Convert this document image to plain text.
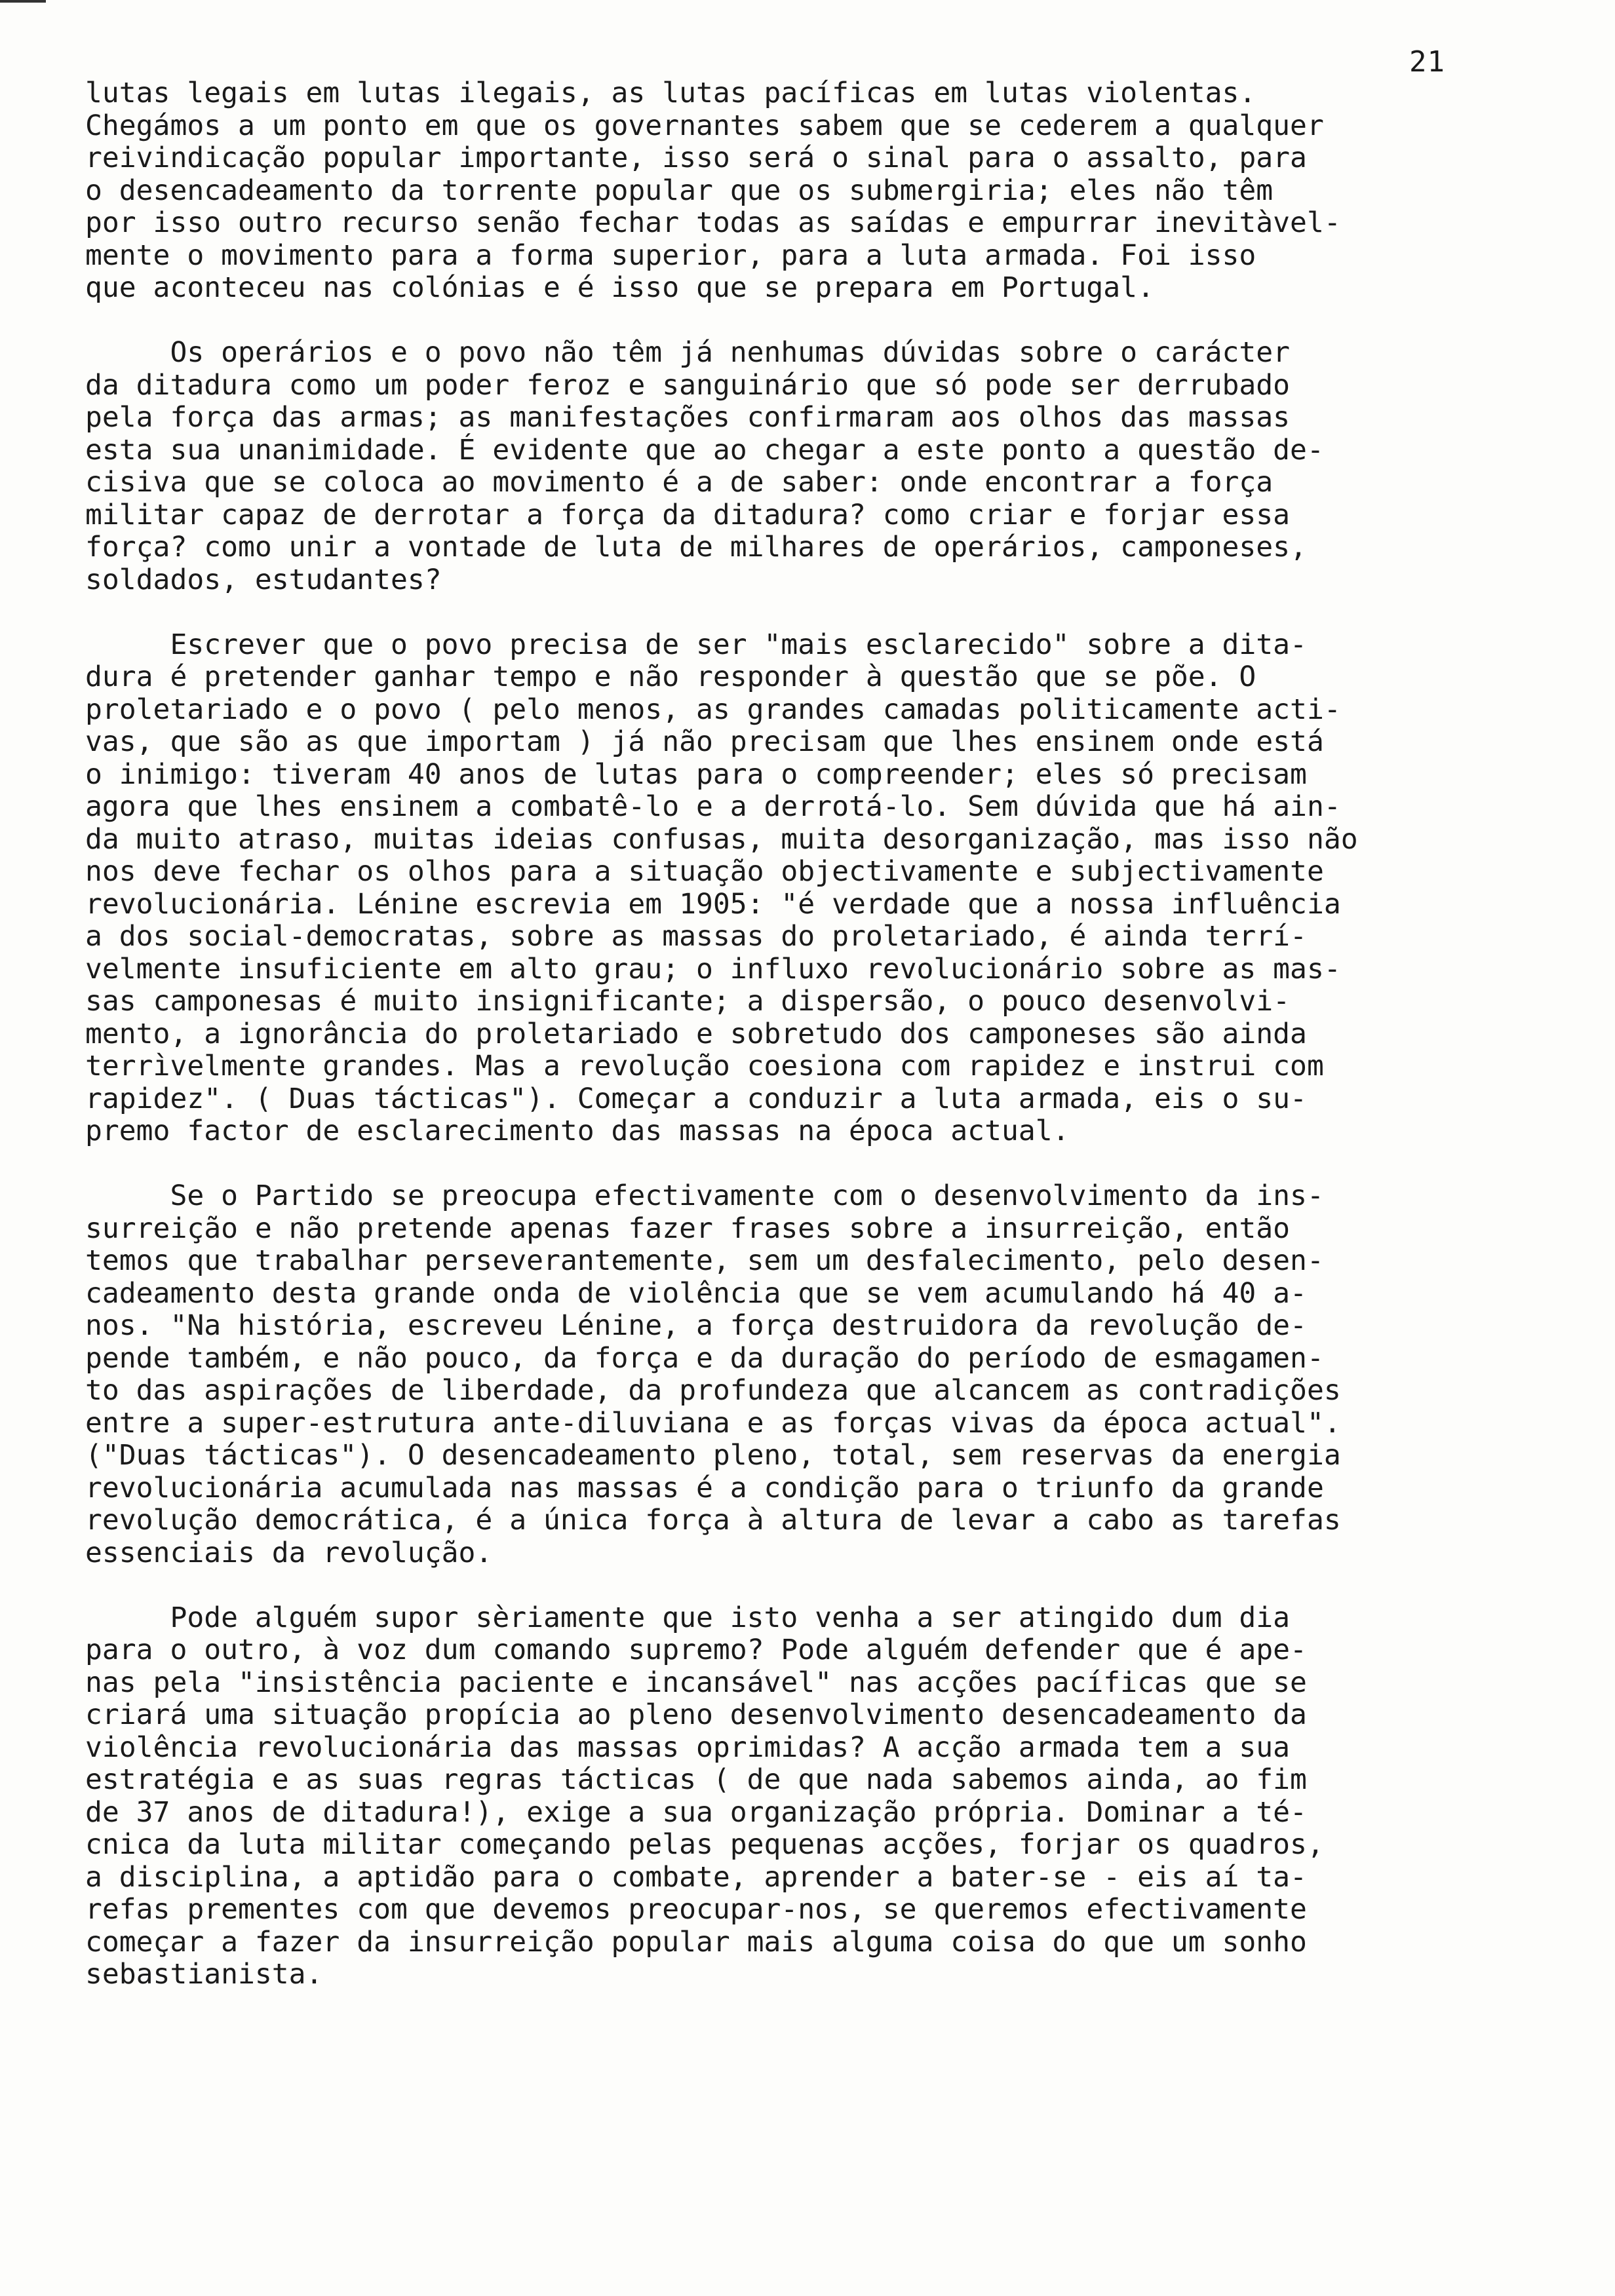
21
lutas legais em lutas ilegais, as lutas pacíficas em lutas violentas.
Chegámos a um ponto em que os governantes sabem que se cederem a qualquer
reivindicação popular importante, isso será o sinal para o assalto, para
o desencadeamento da torrente popular que os submergiria; eles não têm
por isso outro recurso senão fechar todas as saídas e empurrar inevitàvel-
mente o movimento para a forma superior, para a luta armada. Foi isso
que aconteceu nas colónias e é isso que se prepara em Portugal.
Os operários e o povo não têm já nenhumas dúvidas sobre o carácter
da ditadura como um poder feroz e sanguinário que só pode ser derrubado
pela força das armas; as manifestações confirmaram aos olhos das massas
esta sua unanimidade. É evidente que ao chegar a este ponto a questão de-
cisiva que se coloca ao movimento é a de saber: onde encontrar a força
militar capaz de derrotar a força da ditadura? como criar e forjar essa
força? como unir a vontade de luta de milhares de operários, camponeses,
soldados, estudantes?
Escrever que o povo precisa de ser "mais esclarecido" sobre a dita-
dura é pretender ganhar tempo e não responder à questão que se põe. O
proletariado e o povo ( pelo menos, as grandes camadas politicamente acti-
vas, que são as que importam ) já não precisam que lhes ensinem onde está
o inimigo: tiveram 40 anos de lutas para o compreender; eles só precisam
agora que lhes ensinem a combatê-lo e a derrotá-lo. Sem dúvida que há ain-
da muito atraso, muitas ideias confusas, muita desorganização, mas isso não
nos deve fechar os olhos para a situação objectivamente e subjectivamente
revolucionária. Lénine escrevia em 1905: "é verdade que a nossa influência
a dos social-democratas, sobre as massas do proletariado, é ainda terrí-
velmente insuficiente em alto grau; o influxo revolucionário sobre as mas-
sas camponesas é muito insignificante; a dispersão, o pouco desenvolvi-
mento, a ignorância do proletariado e sobretudo dos camponeses são ainda
terrìvelmente grandes. Mas a revolução coesiona com rapidez e instrui com
rapidez". ( Duas tácticas"). Começar a conduzir a luta armada, eis o su-
premo factor de esclarecimento das massas na época actual.
Se o Partido se preocupa efectivamente com o desenvolvimento da ins-
surreição e não pretende apenas fazer frases sobre a insurreição, então
temos que trabalhar perseverantemente, sem um desfalecimento, pelo desen-
cadeamento desta grande onda de violência que se vem acumulando há 40 a-
nos. "Na história, escreveu Lénine, a força destruidora da revolução de-
pende também, e não pouco, da força e da duração do período de esmagamen-
to das aspirações de liberdade, da profundeza que alcancem as contradições
entre a super-estrutura ante-diluviana e as forças vivas da época actual".
("Duas tácticas"). O desencadeamento pleno, total, sem reservas da energia
revolucionária acumulada nas massas é a condição para o triunfo da grande
revolução democrática, é a única força à altura de levar a cabo as tarefas
essenciais da revolução.
Pode alguém supor sèriamente que isto venha a ser atingido dum dia
para o outro, à voz dum comando supremo? Pode alguém defender que é ape-
nas pela "insistência paciente e incansável" nas acções pacíficas que se
criará uma situação propícia ao pleno desenvolvimento desencadeamento da
violência revolucionária das massas oprimidas? A acção armada tem a sua
estratégia e as suas regras tácticas ( de que nada sabemos ainda, ao fim
de 37 anos de ditadura!), exige a sua organização própria. Dominar a té-
cnica da luta militar começando pelas pequenas acções, forjar os quadros,
a disciplina, a aptidão para o combate, aprender a bater-se - eis aí ta-
refas prementes com que devemos preocupar-nos, se queremos efectivamente
começar a fazer da insurreição popular mais alguma coisa do que um sonho
sebastianista.
